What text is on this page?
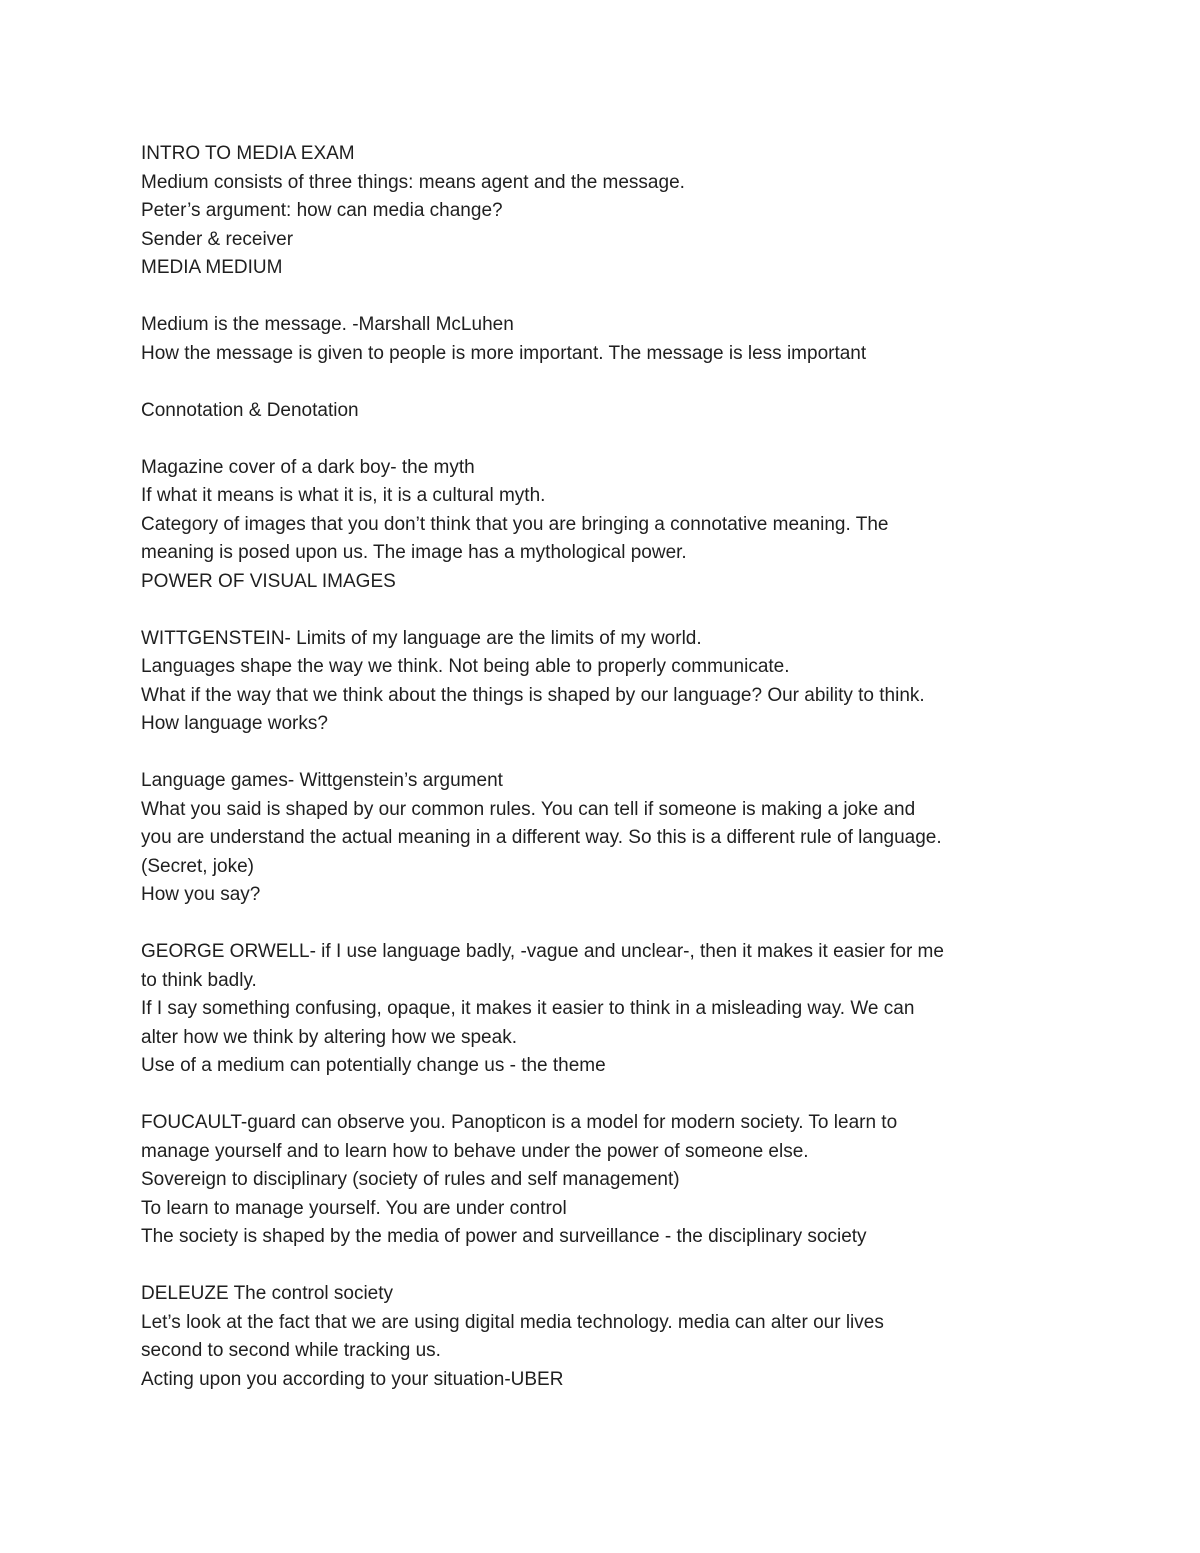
INTRO TO MEDIA EXAM
Medium consists of three things: means agent and the message.
Peter’s argument: how can media change?
Sender & receiver
MEDIA MEDIUM
Medium is the message. -Marshall McLuhen
How the message is given to people is more important. The message is less important
Connotation & Denotation
Magazine cover of a dark boy- the myth
If what it means is what it is, it is a cultural myth.
Category of images that you don’t think that you are bringing a connotative meaning. The
meaning is posed upon us. The image has a mythological power.
POWER OF VISUAL IMAGES
WITTGENSTEIN- Limits of my language are the limits of my world.
Languages shape the way we think. Not being able to properly communicate.
What if the way that we think about the things is shaped by our language? Our ability to think.
How language works?
Language games- Wittgenstein’s argument
What you said is shaped by our common rules. You can tell if someone is making a joke and
you are understand the actual meaning in a different way. So this is a different rule of language.
(Secret, joke)
How you say?
GEORGE ORWELL- if I use language badly, -vague and unclear-, then it makes it easier for me
to think badly.
If I say something confusing, opaque, it makes it easier to think in a misleading way. We can
alter how we think by altering how we speak.
Use of a medium can potentially change us - the theme
FOUCAULT-guard can observe you. Panopticon is a model for modern society. To learn to
manage yourself and to learn how to behave under the power of someone else.
Sovereign to disciplinary (society of rules and self management)
To learn to manage yourself. You are under control
The society is shaped by the media of power and surveillance - the disciplinary society
DELEUZE The control society
Let’s look at the fact that we are using digital media technology. media can alter our lives
second to second while tracking us.
Acting upon you according to your situation-UBER
